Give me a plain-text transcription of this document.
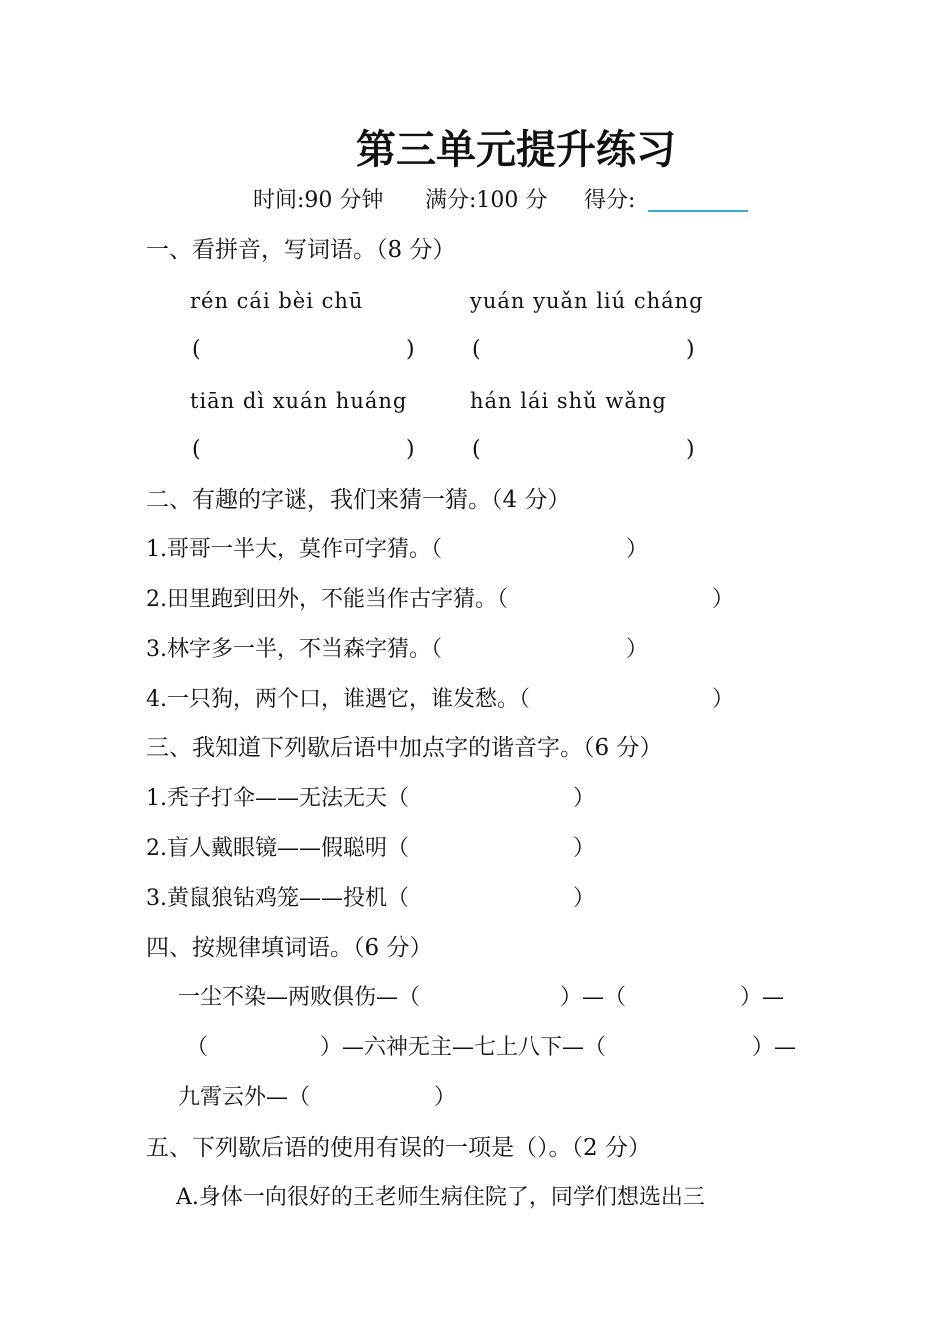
第三单元提升练习
时间:90 分钟 满分:100 分 得分:
一、看拼音，写词语。（8 分）
rén cái bèi chū	yuán yuǎn liú cháng
(	)	(	)
tiān dì xuán huáng	hán lái shǔ wǎng
(	)	(	)
二、有趣的字谜，我们来猜一猜。（4 分）
1.哥哥一半大，莫作可字猜。（	）
2.田里跑到田外，不能当作古字猜。（	）
3.林字多一半，不当森字猜。（	）
4.一只狗，两个口，谁遇它，谁发愁。（	）
三、我知道下列歇后语中加点字的谐音字。（6 分）
1.秃子打伞——无法无天（	）
2.盲人戴眼镜——假聪明（	）
3.黄鼠狼钻鸡笼——投机（	）
四、按规律填词语。（6 分）
一尘不染—两败俱伤—（	）—（	）—
（	）—六神无主—七上八下—（	）—
九霄云外—（	）
五、下列歇后语的使用有误的一项是（）。（2 分）
A.身体一向很好的王老师生病住院了，同学们想选出三
